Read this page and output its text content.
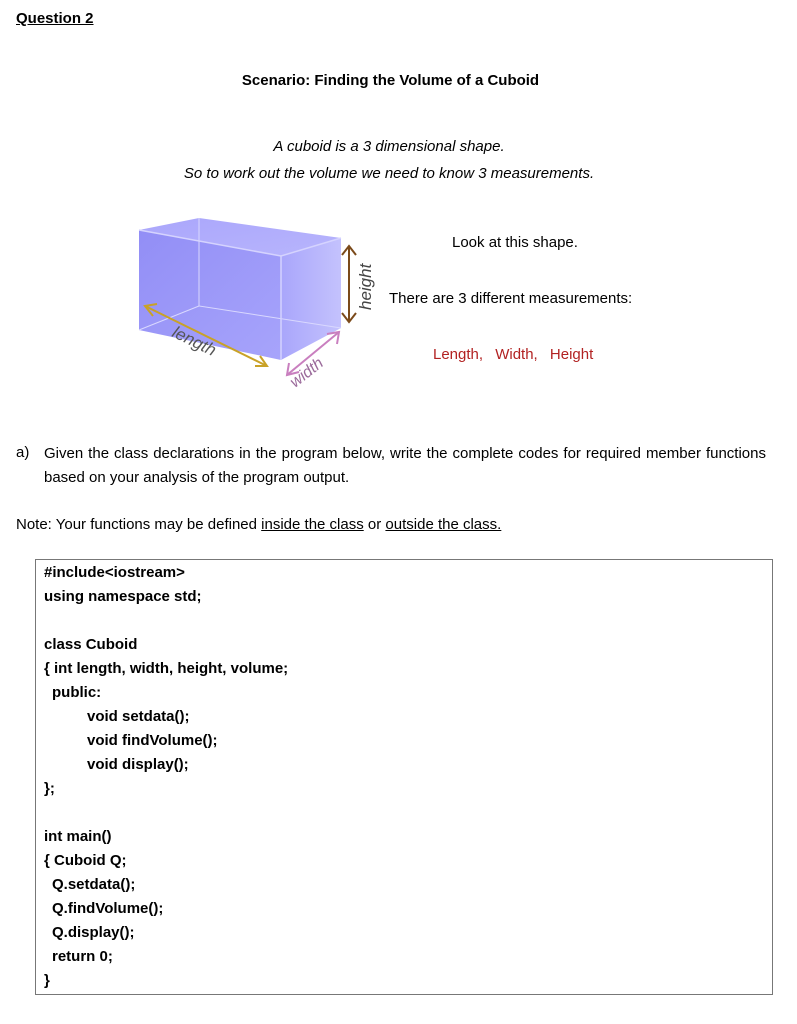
Question 2
Scenario: Finding the Volume of a Cuboid
A cuboid is a 3 dimensional shape.
So to work out the volume we need to know 3 measurements.
length
width
height
Look at this shape.
There are 3 different measurements:
Length, Width, Height
a) Given the class declarations in the program below, write the complete codes for required member functions based on your analysis of the program output.
Note: Your functions may be defined inside the class or outside the class.
#include<iostream>
using namespace std;
class Cuboid
{ int length, width, height, volume;
public:
void setdata();
void findVolume();
void display();
};
int main()
{ Cuboid Q;
Q.setdata();
Q.findVolume();
Q.display();
return 0;
}
